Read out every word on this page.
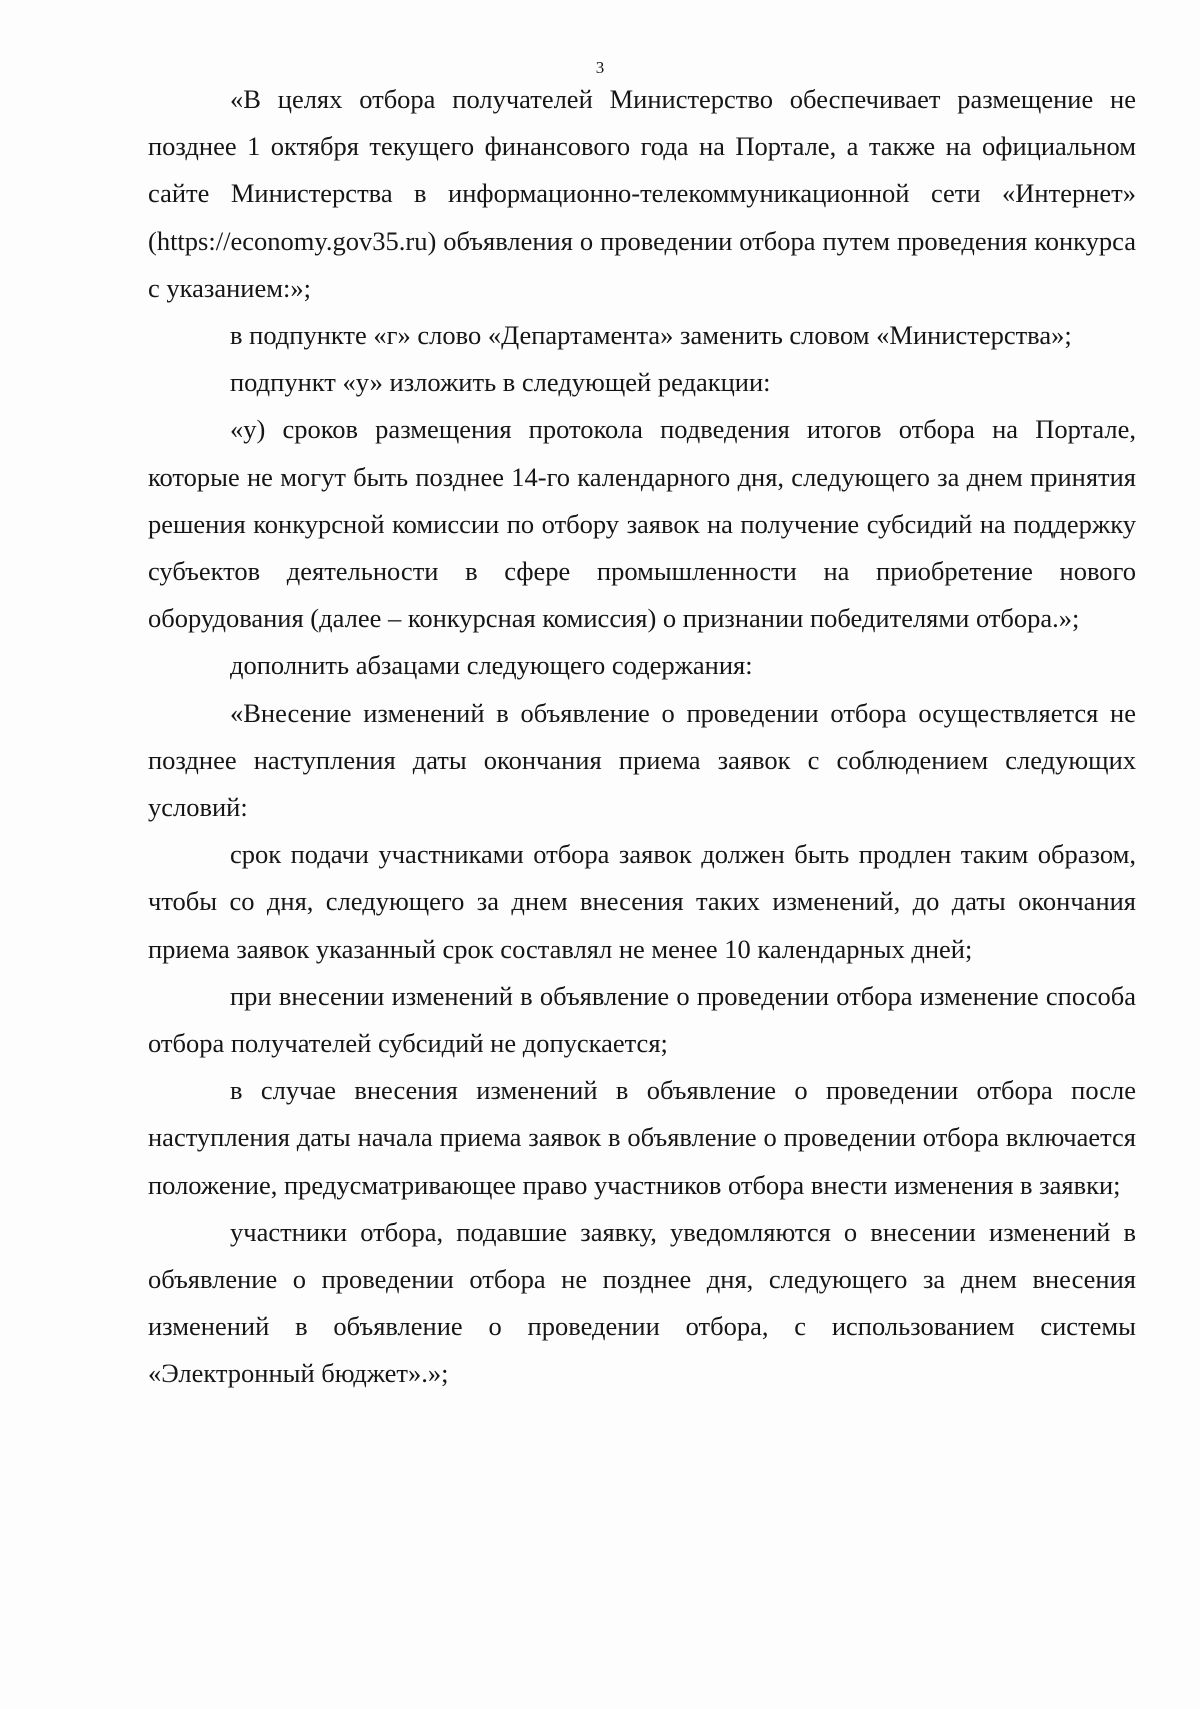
3

«В целях отбора получателей Министерство обеспечивает размещение не позднее 1 октября текущего финансового года на Портале, а также на официальном сайте Министерства в информационно-телекоммуникационной сети «Интернет» (https://economy.gov35.ru) объявления о проведении отбора путем проведения конкурса с указанием:»;

в подпункте «г» слово «Департамента» заменить словом «Министерства»;

подпункт «у» изложить в следующей редакции:

«у) сроков размещения протокола подведения итогов отбора на Портале, которые не могут быть позднее 14-го календарного дня, следующего за днем принятия решения конкурсной комиссии по отбору заявок на получение субсидий на поддержку субъектов деятельности в сфере промышленности на приобретение нового оборудования (далее – конкурсная комиссия) о признании победителями отбора.»;

дополнить абзацами следующего содержания:

«Внесение изменений в объявление о проведении отбора осуществляется не позднее наступления даты окончания приема заявок с соблюдением следующих условий:

срок подачи участниками отбора заявок должен быть продлен таким образом, чтобы со дня, следующего за днем внесения таких изменений, до даты окончания приема заявок указанный срок составлял не менее 10 календарных дней;

при внесении изменений в объявление о проведении отбора изменение способа отбора получателей субсидий не допускается;

в случае внесения изменений в объявление о проведении отбора после наступления даты начала приема заявок в объявление о проведении отбора включается положение, предусматривающее право участников отбора внести изменения в заявки;

участники отбора, подавшие заявку, уведомляются о внесении изменений в объявление о проведении отбора не позднее дня, следующего за днем внесения изменений в объявление о проведении отбора, с использованием системы «Электронный бюджет».»;
